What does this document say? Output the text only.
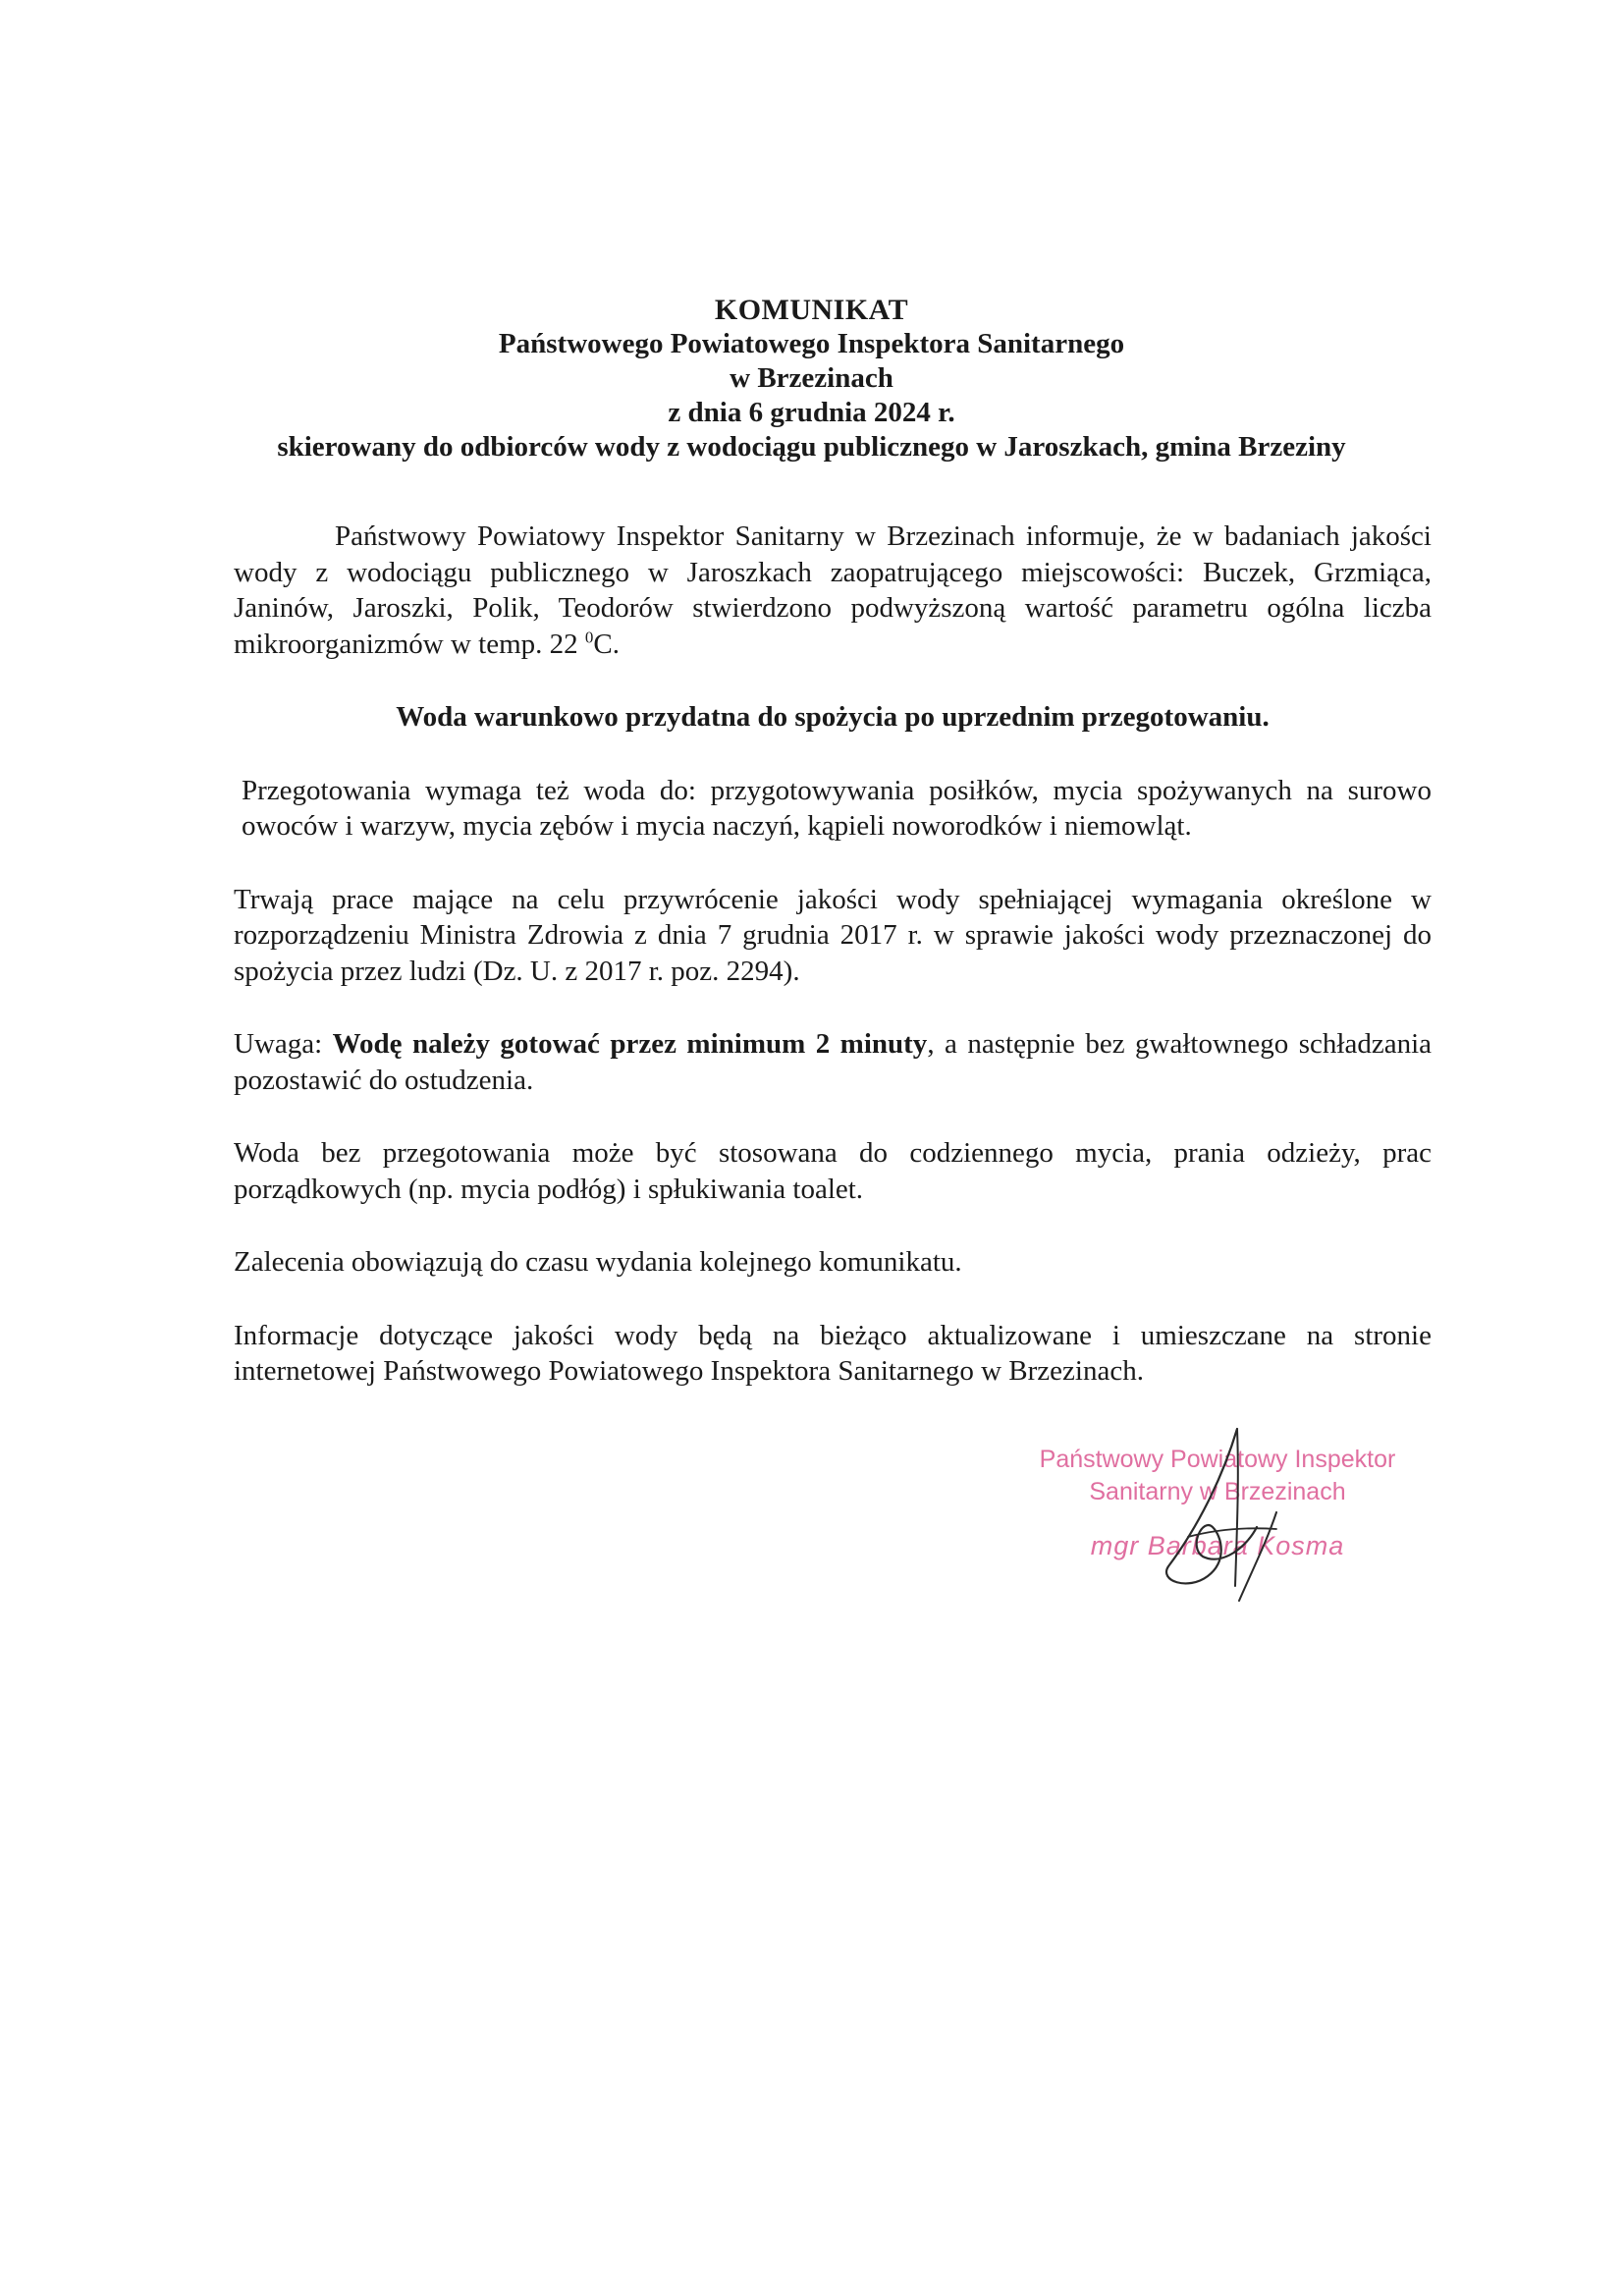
KOMUNIKAT
Państwowego Powiatowego Inspektora Sanitarnego
w Brzezinach
z dnia 6 grudnia 2024 r.
skierowany do odbiorców wody z wodociągu publicznego w Jaroszkach, gmina Brzeziny

Państwowy Powiatowy Inspektor Sanitarny w Brzezinach informuje, że w badaniach jakości wody z wodociągu publicznego w Jaroszkach zaopatrującego miejscowości: Buczek, Grzmiąca, Janinów, Jaroszki, Polik, Teodorów stwierdzono podwyższoną wartość parametru ogólna liczba mikroorganizmów w temp. 22 $^0$C.

Woda warunkowo przydatna do spożycia po uprzednim przegotowaniu.

Przegotowania wymaga też woda do: przygotowywania posiłków, mycia spożywanych na surowo owoców i warzyw, mycia zębów i mycia naczyń, kąpieli noworodków i niemowląt.

Trwają prace mające na celu przywrócenie jakości wody spełniającej wymagania określone w rozporządzeniu Ministra Zdrowia z dnia 7 grudnia 2017 r. w sprawie jakości wody przeznaczonej do spożycia przez ludzi (Dz. U. z 2017 r. poz. 2294).

Uwaga: Wodę należy gotować przez minimum 2 minuty, a następnie bez gwałtownego schładzania pozostawić do ostudzenia.

Woda bez przegotowania może być stosowana do codziennego mycia, prania odzieży, prac porządkowych (np. mycia podłóg) i spłukiwania toalet.

Zalecenia obowiązują do czasu wydania kolejnego komunikatu.

Informacje dotyczące jakości wody będą na bieżąco aktualizowane i umieszczane na stronie internetowej Państwowego Powiatowego Inspektora Sanitarnego w Brzezinach.

Państwowy Powiatowy Inspektor
Sanitarny w Brzezinach
mgr Barbara Kosma
